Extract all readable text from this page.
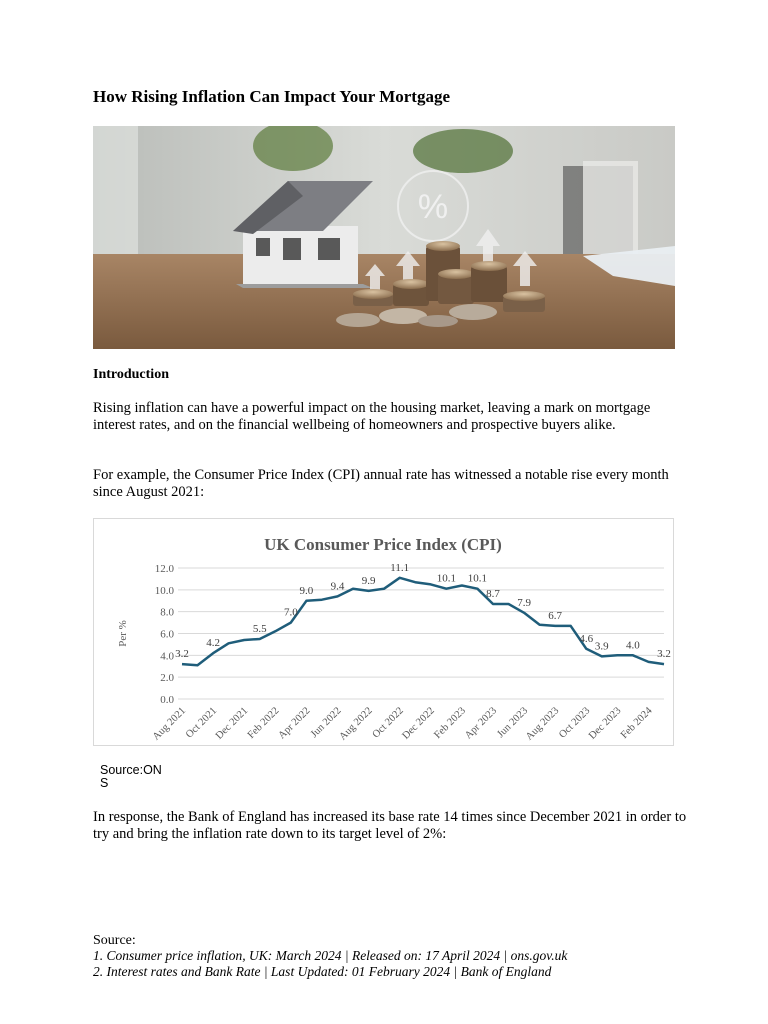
How Rising Inflation Can Impact Your Mortgage
%
Introduction

Rising inflation can have a powerful impact on the housing market, leaving a mark on mortgage interest rates, and on the financial wellbeing of homeowners and prospective buyers alike.

For example, the Consumer Price Index (CPI) annual rate has witnessed a notable rise every month since August 2021:

UK Consumer Price Index (CPI)
0.0
2.0
4.0
6.0
8.0
10.0
12.0
Per %
Aug 2021
Oct 2021
Dec 2021
Feb 2022
Apr 2022
Jun 2022
Aug 2022
Oct 2022
Dec 2022
Feb 2023
Apr 2023
Jun 2023
Aug 2023
Oct 2023
Dec 2023
Feb 2024
3.2
4.2
5.5
7.0
9.0 9.4 9.9
11.1
10.1 10.1
8.7
7.9
6.7
4.6
3.9 4.0
3.2

Source:ONS

In response, the Bank of England has increased its base rate 14 times since December 2021 in order to try and bring the inflation rate down to its target level of 2%:

Source:

1. Consumer price inflation, UK: March 2024 | Released on: 17 April 2024 | ons.gov.uk

2. Interest rates and Bank Rate | Last Updated: 01 February 2024 | Bank of England
